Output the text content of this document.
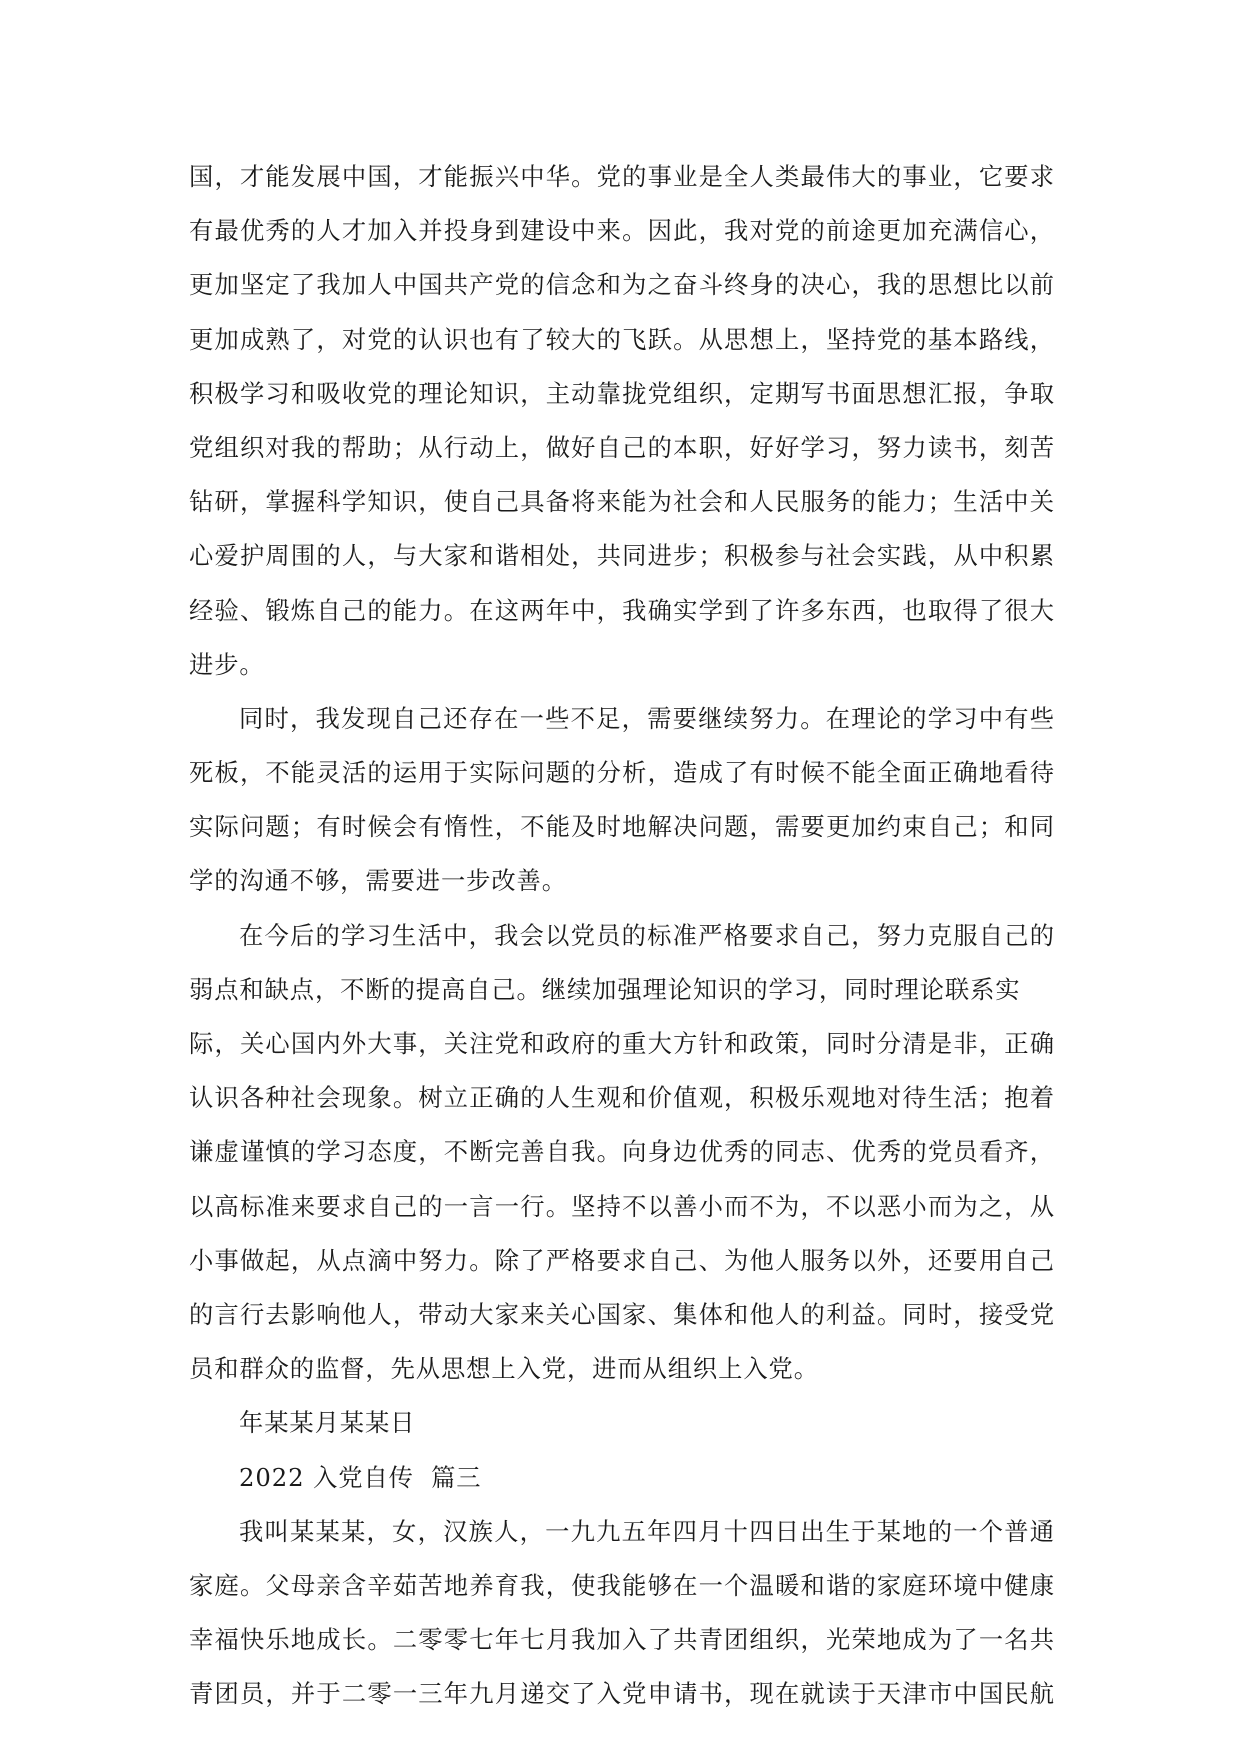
国，才能发展中国，才能振兴中华。党的事业是全人类最伟大的事业，它要求
有最优秀的人才加入并投身到建设中来。因此，我对党的前途更加充满信心，
更加坚定了我加人中国共产党的信念和为之奋斗终身的决心，我的思想比以前
更加成熟了，对党的认识也有了较大的飞跃。从思想上，坚持党的基本路线，
积极学习和吸收党的理论知识，主动靠拢党组织，定期写书面思想汇报，争取
党组织对我的帮助；从行动上，做好自己的本职，好好学习，努力读书，刻苦
钻研，掌握科学知识，使自己具备将来能为社会和人民服务的能力；生活中关
心爱护周围的人，与大家和谐相处，共同进步；积极参与社会实践，从中积累
经验、锻炼自己的能力。在这两年中，我确实学到了许多东西，也取得了很大
进步。
同时，我发现自己还存在一些不足，需要继续努力。在理论的学习中有些
死板，不能灵活的运用于实际问题的分析，造成了有时候不能全面正确地看待
实际问题；有时候会有惰性，不能及时地解决问题，需要更加约束自己；和同
学的沟通不够，需要进一步改善。
在今后的学习生活中，我会以党员的标准严格要求自己，努力克服自己的
弱点和缺点，不断的提高自己。继续加强理论知识的学习，同时理论联系实
际，关心国内外大事，关注党和政府的重大方针和政策，同时分清是非，正确
认识各种社会现象。树立正确的人生观和价值观，积极乐观地对待生活；抱着
谦虚谨慎的学习态度，不断完善自我。向身边优秀的同志、优秀的党员看齐，
以高标准来要求自己的一言一行。坚持不以善小而不为，不以恶小而为之，从
小事做起，从点滴中努力。除了严格要求自己、为他人服务以外，还要用自己
的言行去影响他人，带动大家来关心国家、集体和他人的利益。同时，接受党
员和群众的监督，先从思想上入党，进而从组织上入党。
年某某月某某日
2022 入党自传  篇三
我叫某某某，女，汉族人，一九九五年四月十四日出生于某地的一个普通
家庭。父母亲含辛茹苦地养育我，使我能够在一个温暖和谐的家庭环境中健康
幸福快乐地成长。二零零七年七月我加入了共青团组织，光荣地成为了一名共
青团员，并于二零一三年九月递交了入党申请书，现在就读于天津市中国民航
